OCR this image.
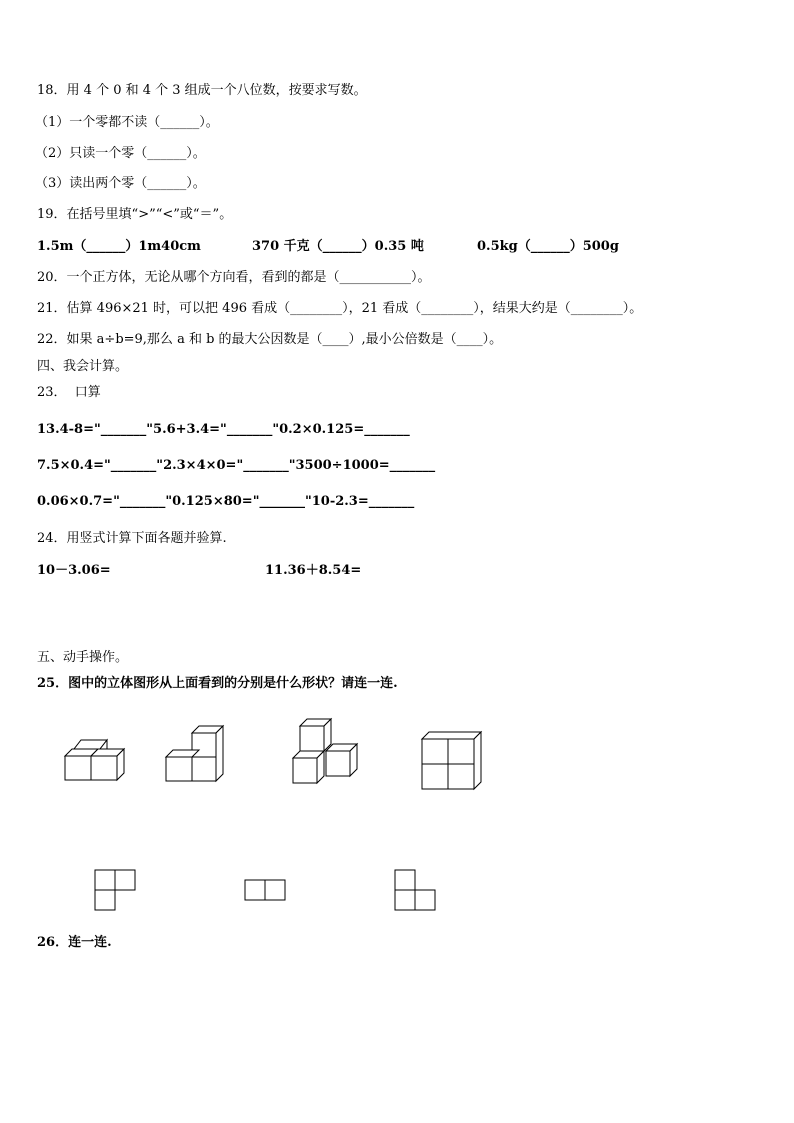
18．用 4 个 0 和 4 个 3 组成一个八位数，按要求写数。
（1）一个零都不读（______）。
（2）只读一个零（______）。
（3）读出两个零（______）。
19．在括号里填“>”“<”或“＝”。
1.5m（______）1m40cm	370 千克（______）0.35 吨	0.5kg（______）500g
20．一个正方体，无论从哪个方向看，看到的都是（___________）。
21．估算 496×21 时，可以把 496 看成（________），21 看成（________），结果大约是（________）。
22．如果 a÷b=9,那么 a 和 b 的最大公因数是（____）,最小公倍数是（____）。
四、我会计算。
23．  口算
13.4-8="_______"5.6+3.4="_______"0.2×0.125=_______
7.5×0.4="_______"2.3×4×0="_______"3500÷1000=_______
0.06×0.7="_______"0.125×80="_______"10-2.3=_______
24．用竖式计算下面各题并验算.
10－3.06=	11.36＋8.54=
五、动手操作。
25．图中的立体图形从上面看到的分别是什么形状？请连一连.
26．连一连.
